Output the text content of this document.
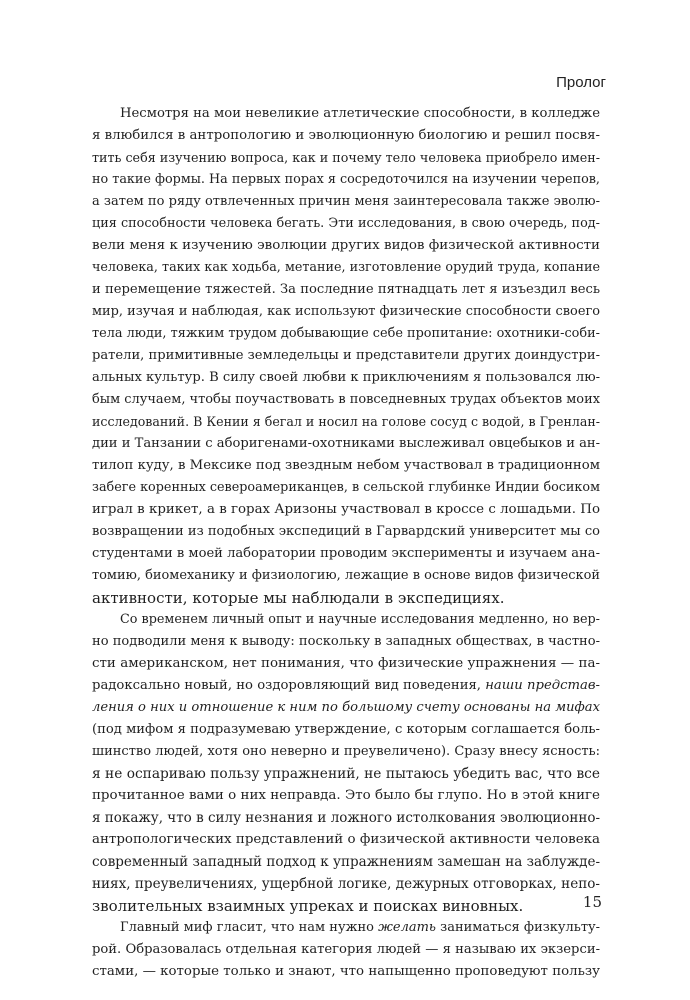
Пролог
Несмотря на мои невеликие атлетические способности, в колледже
я влюбился в антропологию и эволюционную биологию и решил посвя-
тить себя изучению вопроса, как и почему тело человека приобрело имен-
но такие формы. На первых порах я сосредоточился на изучении черепов,
а затем по ряду отвлеченных причин меня заинтересовала также эволю-
ция способности человека бегать. Эти исследования, в свою очередь, под-
вели меня к изучению эволюции других видов физической активности
человека, таких как ходьба, метание, изготовление орудий труда, копание
и перемещение тяжестей. За последние пятнадцать лет я изъездил весь
мир, изучая и наблюдая, как используют физические способности своего
тела люди, тяжким трудом добывающие себе пропитание: охотники-соби-
ратели, примитивные земледельцы и представители других доиндустри-
альных культур. В силу своей любви к приключениям я пользовался лю-
бым случаем, чтобы поучаствовать в повседневных трудах объектов моих
исследований. В Кении я бегал и носил на голове сосуд с водой, в Гренлан-
дии и Танзании с аборигенами-охотниками выслеживал овцебыков и ан-
тилоп куду, в Мексике под звездным небом участвовал в традиционном
забеге коренных североамериканцев, в сельской глубинке Индии босиком
играл в крикет, а в горах Аризоны участвовал в кроссе с лошадьми. По
возвращении из подобных экспедиций в Гарвардский университет мы со
студентами в моей лаборатории проводим эксперименты и изучаем ана-
томию, биомеханику и физиологию, лежащие в основе видов физической
активности, которые мы наблюдали в экспедициях.
Со временем личный опыт и научные исследования медленно, но вер-
но подводили меня к выводу: поскольку в западных обществах, в частно-
сти американском, нет понимания, что физические упражнения — па-
радоксально новый, но оздоровляющий вид поведения, наши представ-
ления о них и отношение к ним по большому счету основаны на мифах
(под мифом я подразумеваю утверждение, с которым соглашается боль-
шинство людей, хотя оно неверно и преувеличено). Сразу внесу ясность:
я не оспариваю пользу упражнений, не пытаюсь убедить вас, что все
прочитанное вами о них неправда. Это было бы глупо. Но в этой книге
я покажу, что в силу незнания и ложного истолкования эволюционно-
антропологических представлений о физической активности человека
современный западный подход к упражнениям замешан на заблужде-
ниях, преувеличениях, ущербной логике, дежурных отговорках, непо-
зволительных взаимных упреках и поисках виновных.
Главный миф гласит, что нам нужно желать заниматься физкульту-
рой. Образовалась отдельная категория людей — я называю их экзерси-
стами, — которые только и знают, что напыщенно проповедуют пользу
15
